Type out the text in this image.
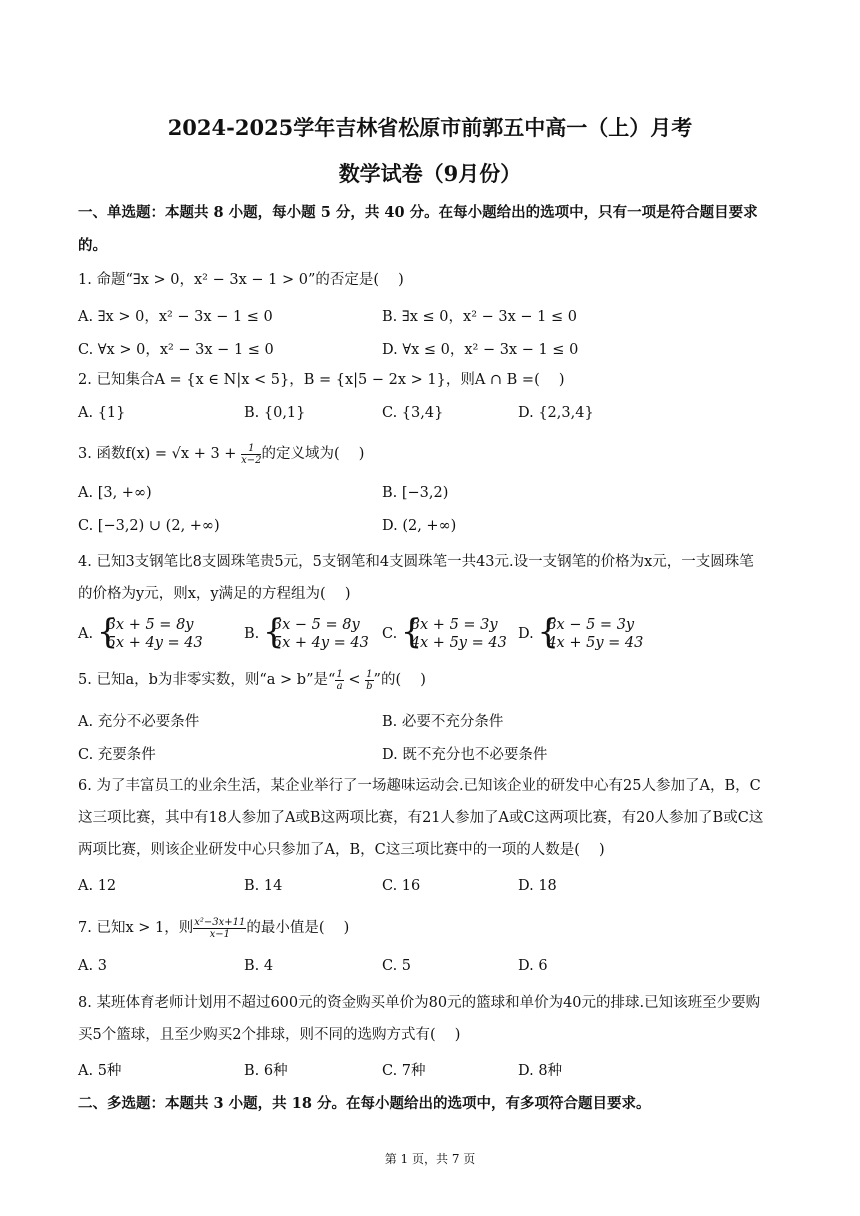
2024-2025学年吉林省松原市前郭五中高一（上）月考
数学试卷（9月份）
一、单选题：本题共 8 小题，每小题 5 分，共 40 分。在每小题给出的选项中，只有一项是符合题目要求
的。
1. 命题“∃x > 0，x² − 3x − 1 > 0”的否定是(　 )
A. ∃x > 0，x² − 3x − 1 ≤ 0	B. ∃x ≤ 0，x² − 3x − 1 ≤ 0
C. ∀x > 0，x² − 3x − 1 ≤ 0	D. ∀x ≤ 0，x² − 3x − 1 ≤ 0
2. 已知集合A = {x ∈ N|x < 5}，B = {x|5 − 2x > 1}，则A ∩ B =(　 )
A. {1}	B. {0,1}	C. {3,4}	D. {2,3,4}
3. 函数$f(x) = √x + 3 + \frac{1}{x-2}$ 的定义域为(　 )
A. [3, +∞)	B. [−3,2)
C. [−3,2) ∪ (2, +∞)	D. (2, +∞)
4. 已知3支钢笔比8支圆珠笔贵5元，5支钢笔和4支圆珠笔一共43元.设一支钢笔的价格为x元，一支圆珠笔
的价格为y元，则x，y满足的方程组为(　 )
A.
{ 3x + 5 = 8y
5x + 4y = 43
B.
{ 3x − 5 = 8y
5x + 4y = 43
C.
{ 8x + 5 = 3y
4x + 5y = 43
D.
{ 8x − 5 = 3y
4x + 5y = 43
5. 已知a，b为非零实数，则“a > b”是“ $\frac{1}{a} < \frac{1}{b}$ ”的(　 )
A. 充分不必要条件	B. 必要不充分条件
C. 充要条件	D. 既不充分也不必要条件
6. 为了丰富员工的业余生活，某企业举行了一场趣味运动会.已知该企业的研发中心有25人参加了A，B，C
这三项比赛，其中有18人参加了A或B这两项比赛，有21人参加了A或C这两项比赛，有20人参加了B或C这
两项比赛，则该企业研发中心只参加了A，B，C这三项比赛中的一项的人数是(　 )
A. 12	B. 14	C. 16	D. 18
7. 已知x > 1，则 $\frac{\text{x²−3x+11}}{x-1}$ 的最小值是(　 )
A. 3	B. 4	C. 5	D. 6
8. 某班体育老师计划用不超过600元的资金购买单价为80元的篮球和单价为40元的排球.已知该班至少要购
买5个篮球，且至少购买2个排球，则不同的选购方式有(　 )
A. 5种	B. 6种	C. 7种	D. 8种
二、多选题：本题共 3 小题，共 18 分。在每小题给出的选项中，有多项符合题目要求。
第 1 页，共 7 页
